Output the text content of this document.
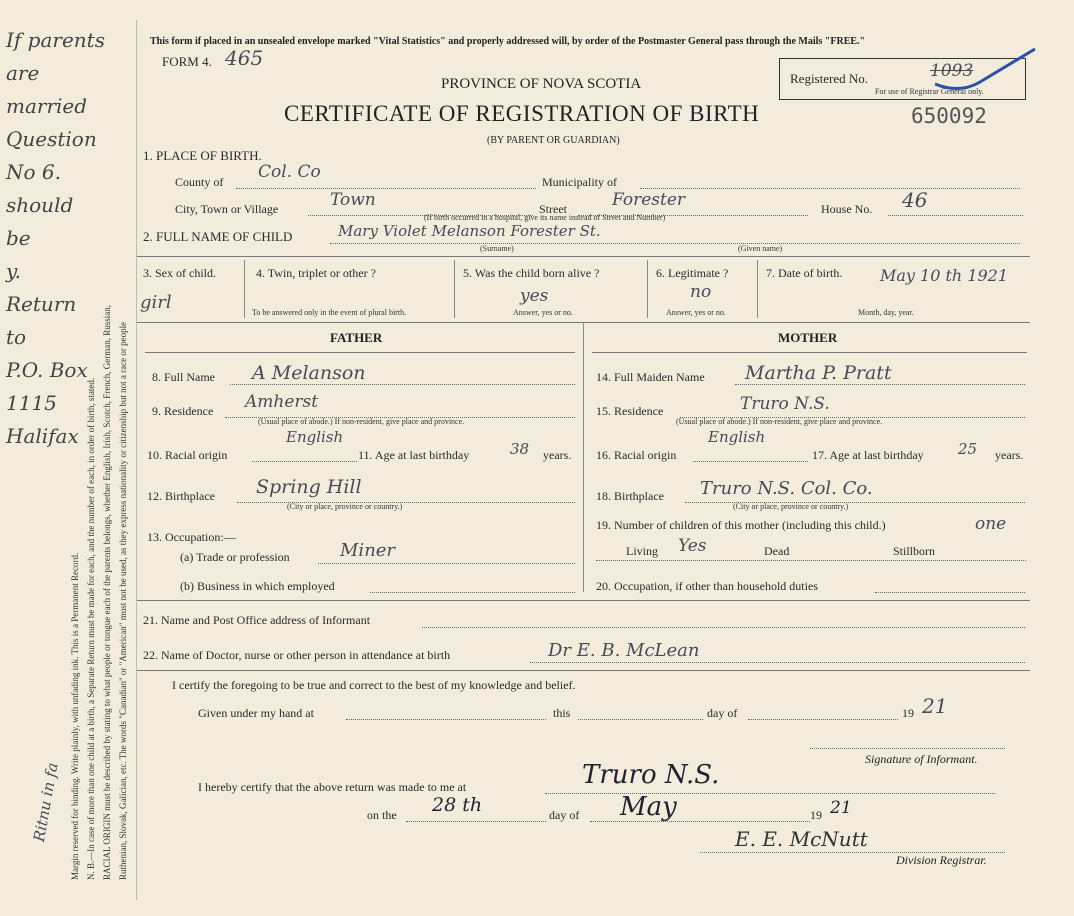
If parents
are
married
Question
No 6.
should
be
y.
Return
to
P.O. Box
1115
Halifax
Ritnu in fa Margin reserved for binding. Write plainly, with unfading ink. This is a Permanent Record. N. B.—In case of more than one child at a birth, a Separate Return must be made for each, and the number of each, in order of birth, stated. RACIAL ORIGIN must be described by stating to what people or tongue each of the parents belongs, whether English, Irish, Scotch, French, German, Russian, Ruthenian, Slovak, Galician, etc. The words "Canadian" or "American" must not be used, as they express nationality or citizenship but not a race or people
This form if placed in an unsealed envelope marked "Vital Statistics" and properly addressed will, by order of the Postmaster General pass through the Mails "FREE."
FORM 4. 465
PROVINCE OF NOVA SCOTIA
CERTIFICATE OF REGISTRATION OF BIRTH
(BY PARENT OR GUARDIAN)
Registered No.	1093
For use of Registrar General only.
650092
1. PLACE OF BIRTH.
County of Col. Co	Municipality of
City, Town or Village	Town	Street	Forester	House No. 46
(If birth occurred in a hospital, give its name instead of Street and Number)
2. FULL NAME OF CHILD	Mary Violet Melanson Forester St.
(Surname)	(Given name)
3. Sex of child.
girl
4. Twin, triplet or other ?
To be answered only in the event of plural birth.
5. Was the child born alive ?
yes
Answer, yes or no.
6. Legitimate ?
no
Answer, yes or no.
7. Date of birth. May 10 th 1921
Month, day, year.
FATHER
8. Full Name A Melanson
9. Residence Amherst
(Usual place of abode.) If non-resident, give place and province.
10. Racial origin
English
11. Age at last birthday	38 years.
12. Birthplace Spring Hill
(City or place, province or country.)
13. Occupation:—
(a) Trade or profession	Miner
(b) Business in which employed
MOTHER
14. Full Maiden Name Martha P. Pratt
15. Residence	Truro N.S.
(Usual place of abode.) If non-resident, give place and province.
16. Racial origin
English
17. Age at last birthday 25 years.
18. Birthplace Truro N.S. Col. Co.
(City or place, province or country.)
19. Number of children of this mother (including this child.)	one
Living Yes	Dead	Stillborn
20. Occupation, if other than household duties
21. Name and Post Office address of Informant
22. Name of Doctor, nurse or other person in attendance at birth	Dr E. B. McLean
I certify the foregoing to be true and correct to the best of my knowledge and belief.
Given under my hand at	this	day of	19 21
Signature of Informant.
I hereby certify that the above return was made to me at	Truro N.S.
on the 28 th	day of May	19 21
E. E. McNutt
Division Registrar.
